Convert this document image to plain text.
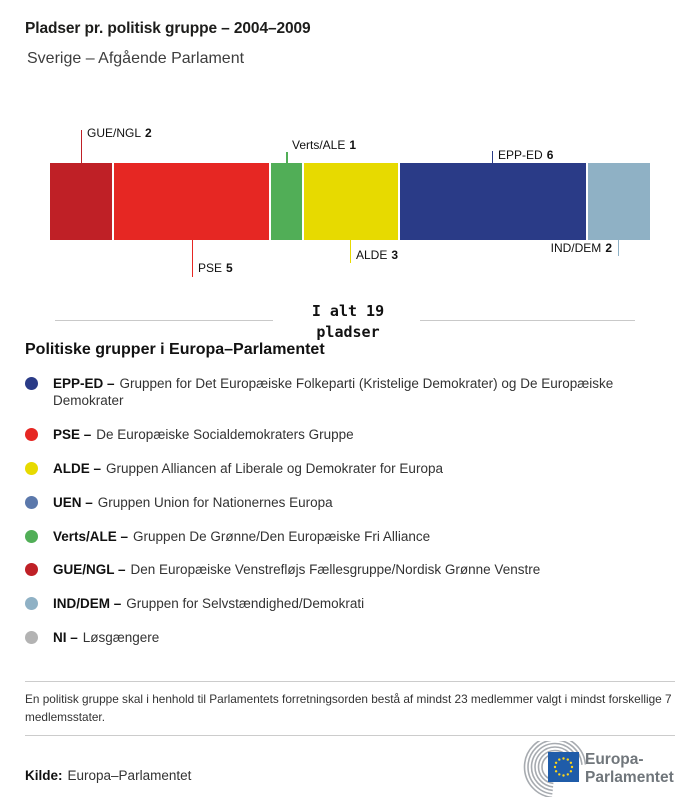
Pladser pr. politisk gruppe – 2004–2009
Sverige – Afgående Parlament
GUE/NGL 2
PSE 5
Verts/ALE 1
ALDE 3
EPP-ED 6
IND/DEM 2
I alt 19
pladser
Politiske grupper i Europa–Parlamentet
EPP-ED – Gruppen for Det Europæiske Folkeparti (Kristelige Demokrater) og De Europæiske Demokrater
PSE – De Europæiske Socialdemokraters Gruppe
ALDE – Gruppen Alliancen af Liberale og Demokrater for Europa
UEN – Gruppen Union for Nationernes Europa
Verts/ALE – Gruppen De Grønne/Den Europæiske Fri Alliance
GUE/NGL – Den Europæiske Venstrefløjs Fællesgruppe/Nordisk Grønne Venstre
IND/DEM – Gruppen for Selvstændighed/Demokrati
NI – Løsgængere
En politisk gruppe skal i henhold til Parlamentets forretningsorden bestå af mindst 23 medlemmer valgt i mindst forskellige 7 medlemsstater.
Kilde: Europa–Parlamentet
Europa-
Parlamentet
